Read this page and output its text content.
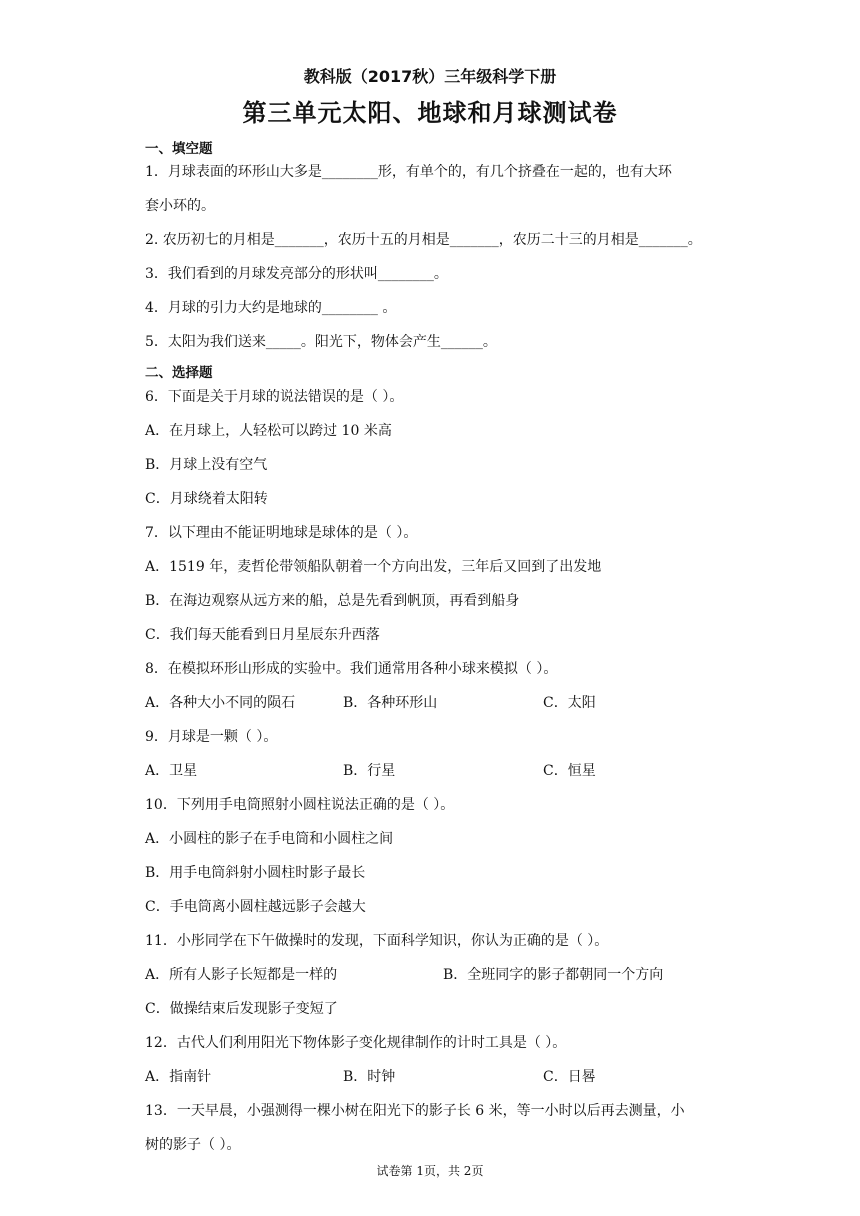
教科版（2017秋）三年级科学下册
第三单元太阳、地球和月球测试卷
一、填空题
1．月球表面的环形山大多是________形，有单个的，有几个挤叠在一起的，也有大环
套小环的。
2. 农历初七的月相是_______，农历十五的月相是_______，农历二十三的月相是_______。
3．我们看到的月球发亮部分的形状叫________。
4．月球的引力大约是地球的________ 。
5．太阳为我们送来_____。阳光下，物体会产生______。
二、选择题
6．下面是关于月球的说法错误的是（ ）。
A．在月球上，人轻松可以跨过 10 米高
B．月球上没有空气
C．月球绕着太阳转
7．以下理由不能证明地球是球体的是（ ）。
A．1519 年，麦哲伦带领船队朝着一个方向出发，三年后又回到了出发地
B．在海边观察从远方来的船，总是先看到帆顶，再看到船身
C．我们每天能看到日月星辰东升西落
8．在模拟环形山形成的实验中。我们通常用各种小球来模拟（ ）。
A．各种大小不同的陨石	B．各种环形山	C．太阳
9．月球是一颗（ ）。
A．卫星	B．行星	C．恒星
10．下列用手电筒照射小圆柱说法正确的是（ ）。
A．小圆柱的影子在手电筒和小圆柱之间
B．用手电筒斜射小圆柱时影子最长
C．手电筒离小圆柱越远影子会越大
11．小彤同学在下午做操时的发现，下面科学知识，你认为正确的是（ ）。
A．所有人影子长短都是一样的	B．全班同字的影子都朝同一个方向
C．做操结束后发现影子变短了
12．古代人们利用阳光下物体影子变化规律制作的计时工具是（ ）。
A．指南针	B．时钟	C．日晷
13．一天早晨，小强测得一棵小树在阳光下的影子长 6 米，等一小时以后再去测量，小
树的影子（ ）。
试卷第 1页，共 2页
